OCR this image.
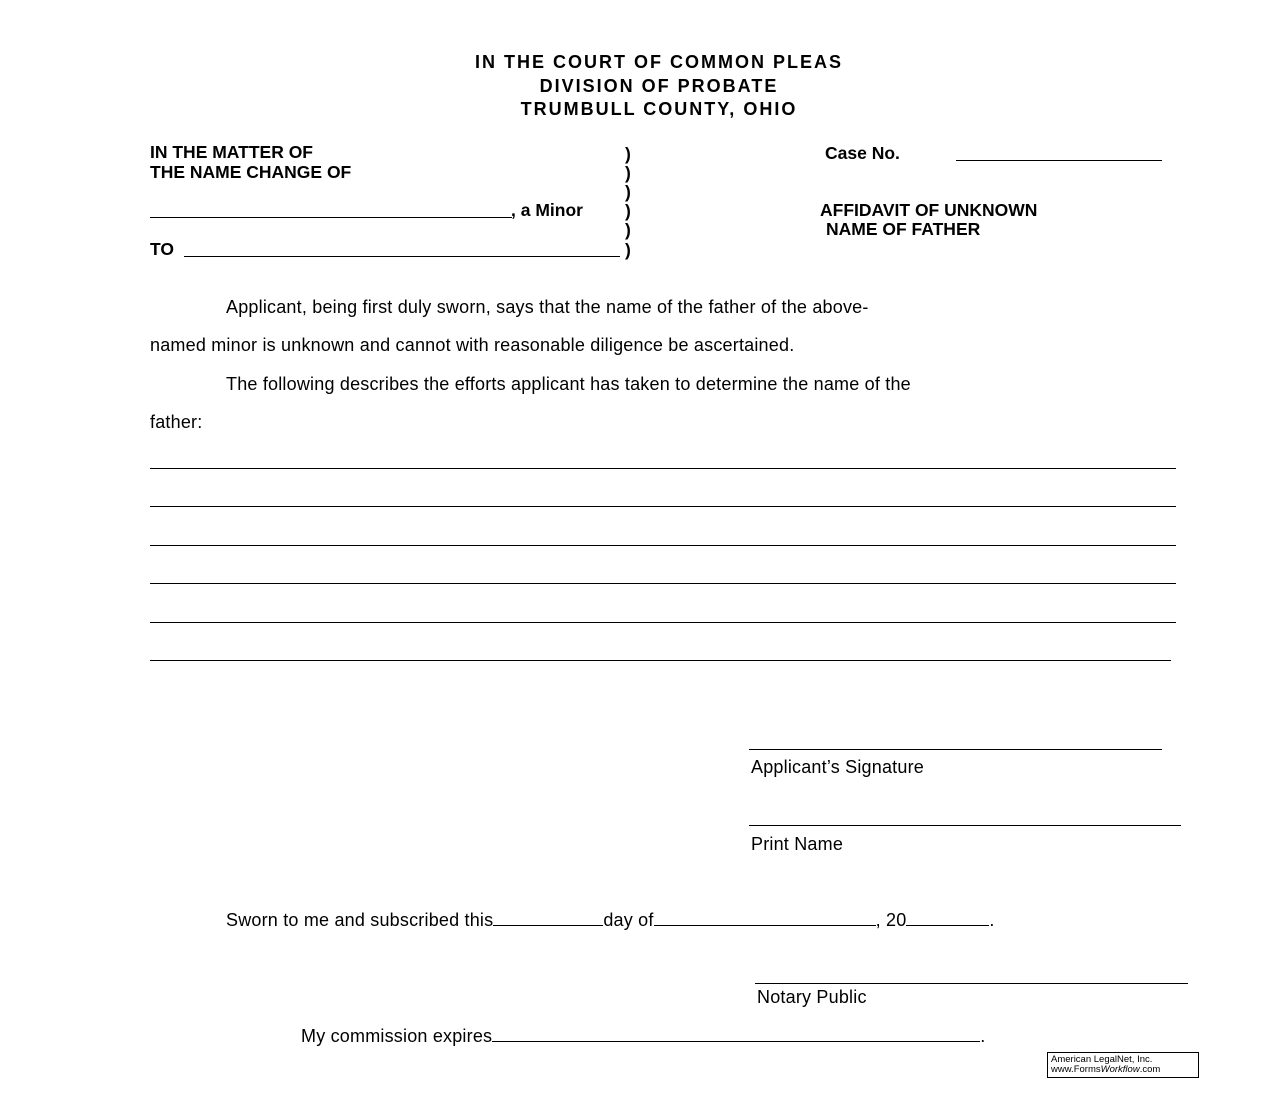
IN THE COURT OF COMMON PLEAS
DIVISION OF PROBATE
TRUMBULL COUNTY, OHIO
IN THE MATTER OF
THE NAME CHANGE OF
, a Minor
TO
)
)
)
)
)
)
Case No.
AFFIDAVIT OF UNKNOWN
NAME OF FATHER
Applicant, being first duly sworn, says that the name of the father of the above-
named minor is unknown and cannot with reasonable diligence be ascertained.
The following describes the efforts applicant has taken to determine the name of the
father:
Applicant’s Signature
Print Name
Sworn to me and subscribed this	day of	, 20	.
Notary Public
My commission expires	.
American LegalNet, Inc.
www.FormsWorkflow.com
